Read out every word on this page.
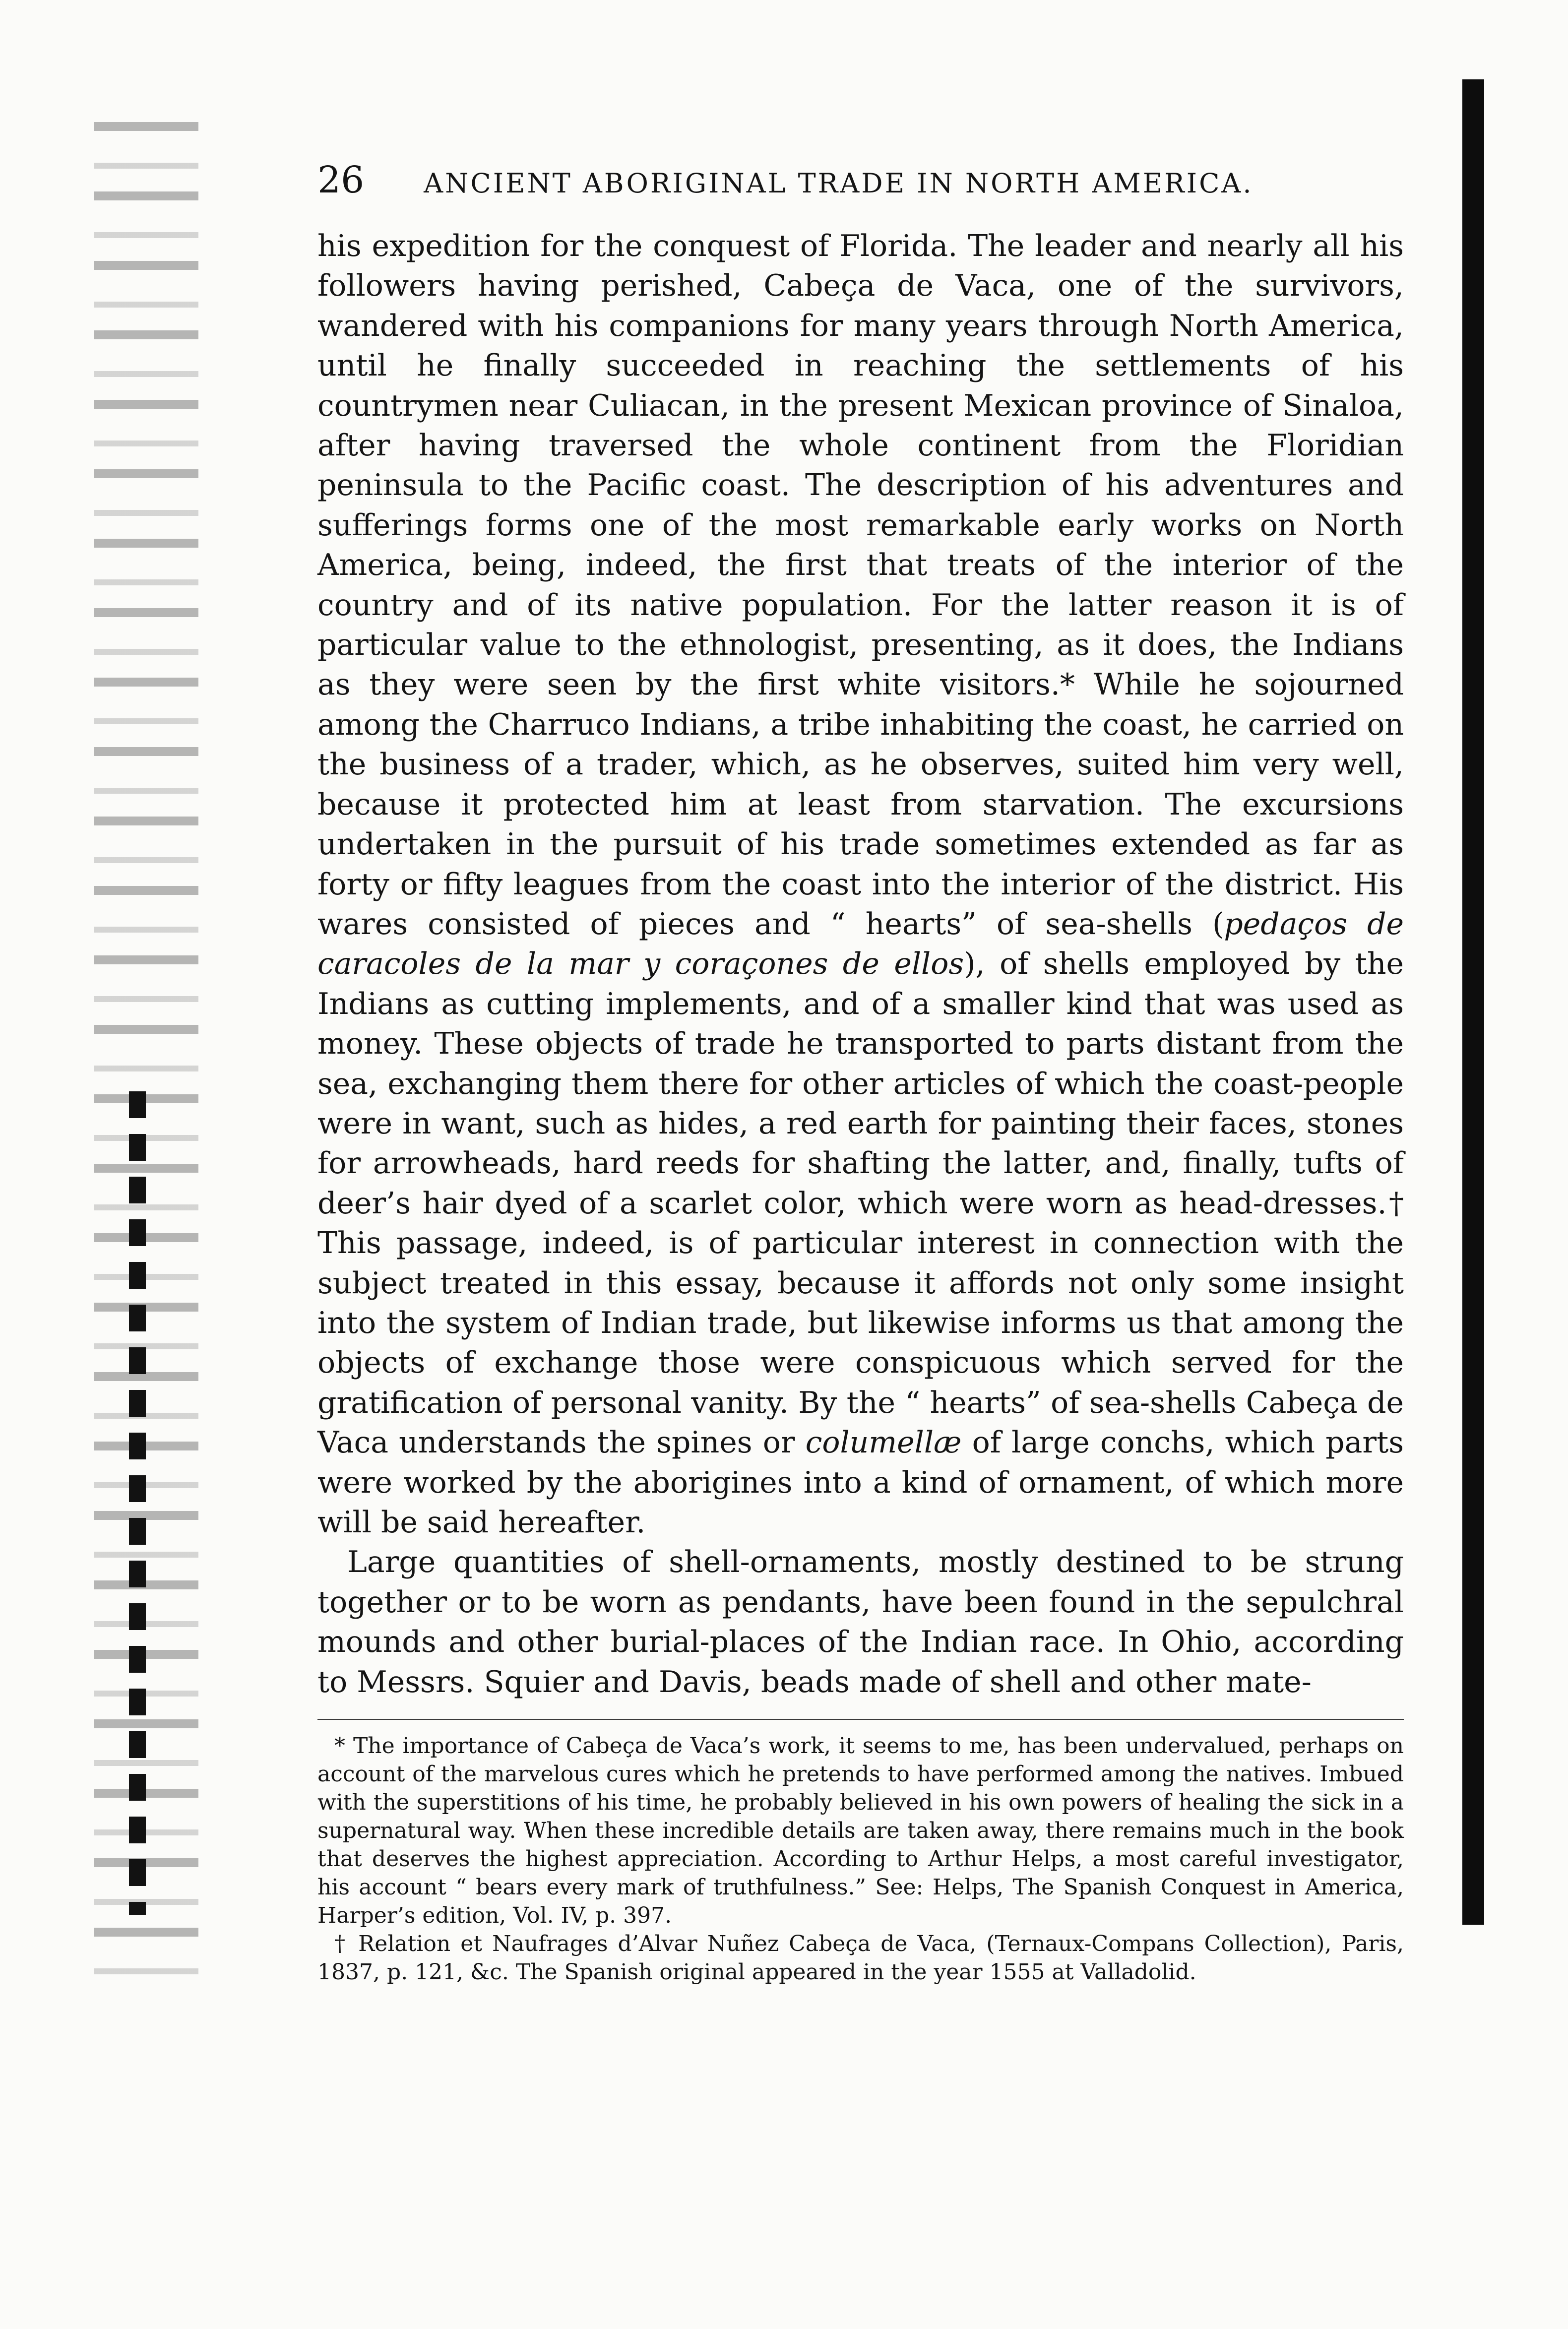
26 ANCIENT ABORIGINAL TRADE IN NORTH AMERICA.

his expedition for the conquest of Florida. The leader and nearly all his followers having perished, Cabeça de Vaca, one of the survivors, wandered with his companions for many years through North America, until he finally succeeded in reaching the settlements of his countrymen near Culiacan, in the present Mexican province of Sinaloa, after having traversed the whole continent from the Floridian peninsula to the Pacific coast. The description of his adventures and sufferings forms one of the most remarkable early works on North America, being, indeed, the first that treats of the interior of the country and of its native population. For the latter reason it is of particular value to the ethnologist, presenting, as it does, the Indians as they were seen by the first white visitors.* While he sojourned among the Charruco Indians, a tribe inhabiting the coast, he carried on the business of a trader, which, as he observes, suited him very well, because it protected him at least from starvation. The excursions undertaken in the pursuit of his trade sometimes extended as far as forty or fifty leagues from the coast into the interior of the district. His wares consisted of pieces and “ hearts” of sea-shells (pedaços de caracoles de la mar y coraçones de ellos), of shells employed by the Indians as cutting implements, and of a smaller kind that was used as money. These objects of trade he transported to parts distant from the sea, exchanging them there for other articles of which the coast-people were in want, such as hides, a red earth for painting their faces, stones for arrowheads, hard reeds for shafting the latter, and, finally, tufts of deer’s hair dyed of a scarlet color, which were worn as head-dresses.† This passage, indeed, is of particular interest in connection with the subject treated in this essay, because it affords not only some insight into the system of Indian trade, but likewise informs us that among the objects of exchange those were conspicuous which served for the gratification of personal vanity. By the “ hearts” of sea-shells Cabeça de Vaca understands the spines or columellæ of large conchs, which parts were worked by the aborigines into a kind of ornament, of which more will be said hereafter.

Large quantities of shell-ornaments, mostly destined to be strung together or to be worn as pendants, have been found in the sepulchral mounds and other burial-places of the Indian race. In Ohio, according to Messrs. Squier and Davis, beads made of shell and other mate-

* The importance of Cabeça de Vaca’s work, it seems to me, has been undervalued, perhaps on account of the marvelous cures which he pretends to have performed among the natives. Imbued with the superstitions of his time, he probably believed in his own powers of healing the sick in a supernatural way. When these incredible details are taken away, there remains much in the book that deserves the highest appreciation. According to Arthur Helps, a most careful investigator, his account “ bears every mark of truthfulness.” See: Helps, The Spanish Conquest in America, Harper’s edition, Vol. IV, p. 397.

† Relation et Naufrages d’Alvar Nuñez Cabeça de Vaca, (Ternaux-Compans Collection), Paris, 1837, p. 121, &c. The Spanish original appeared in the year 1555 at Valladolid.
